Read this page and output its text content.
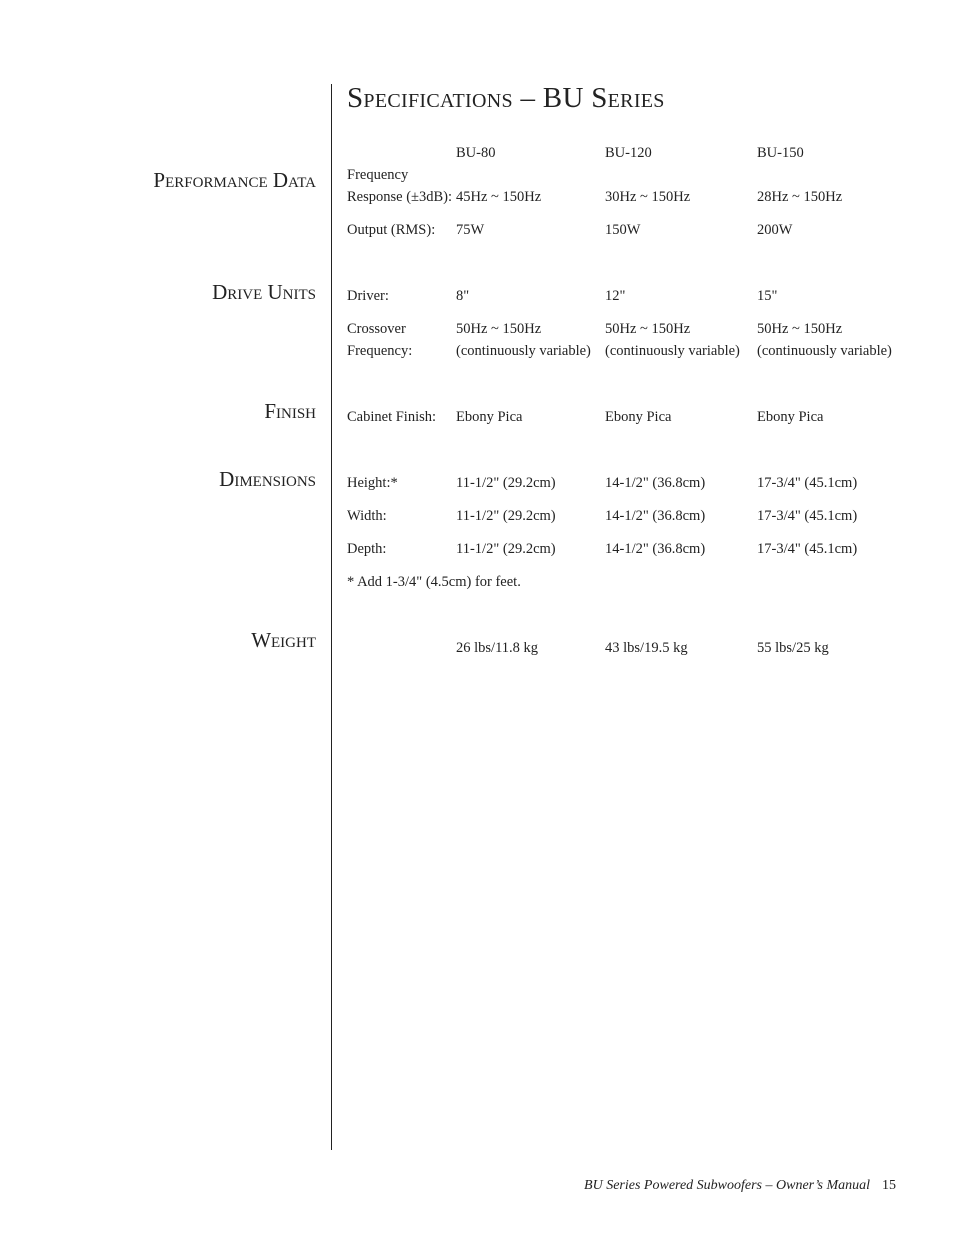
Specifications – BU Series
Performance Data
Drive Units
Finish
Dimensions
Weight
BU-80	BU-120	BU-150
Frequency
Response (±3dB): 45Hz ~ 150Hz	30Hz ~ 150Hz	28Hz ~ 150Hz
Output (RMS): 75W	150W	200W
Driver:	8"	12"	15"
Crossover
Frequency:
50Hz ~ 150Hz	50Hz ~ 150Hz	50Hz ~ 150Hz
(continuously variable) (continuously variable) (continuously variable)
Cabinet Finish: Ebony Pica	Ebony Pica	Ebony Pica
Height:*	11-1/2" (29.2cm)	14-1/2" (36.8cm)	17-3/4" (45.1cm)
Width:	11-1/2" (29.2cm)	14-1/2" (36.8cm)	17-3/4" (45.1cm)
Depth:	11-1/2" (29.2cm)	14-1/2" (36.8cm)	17-3/4" (45.1cm)
* Add 1-3/4" (4.5cm) for feet.
26 lbs/11.8 kg	43 lbs/19.5 kg	55 lbs/25 kg
BU Series Powered Subwoofers – Owner’s Manual 15
